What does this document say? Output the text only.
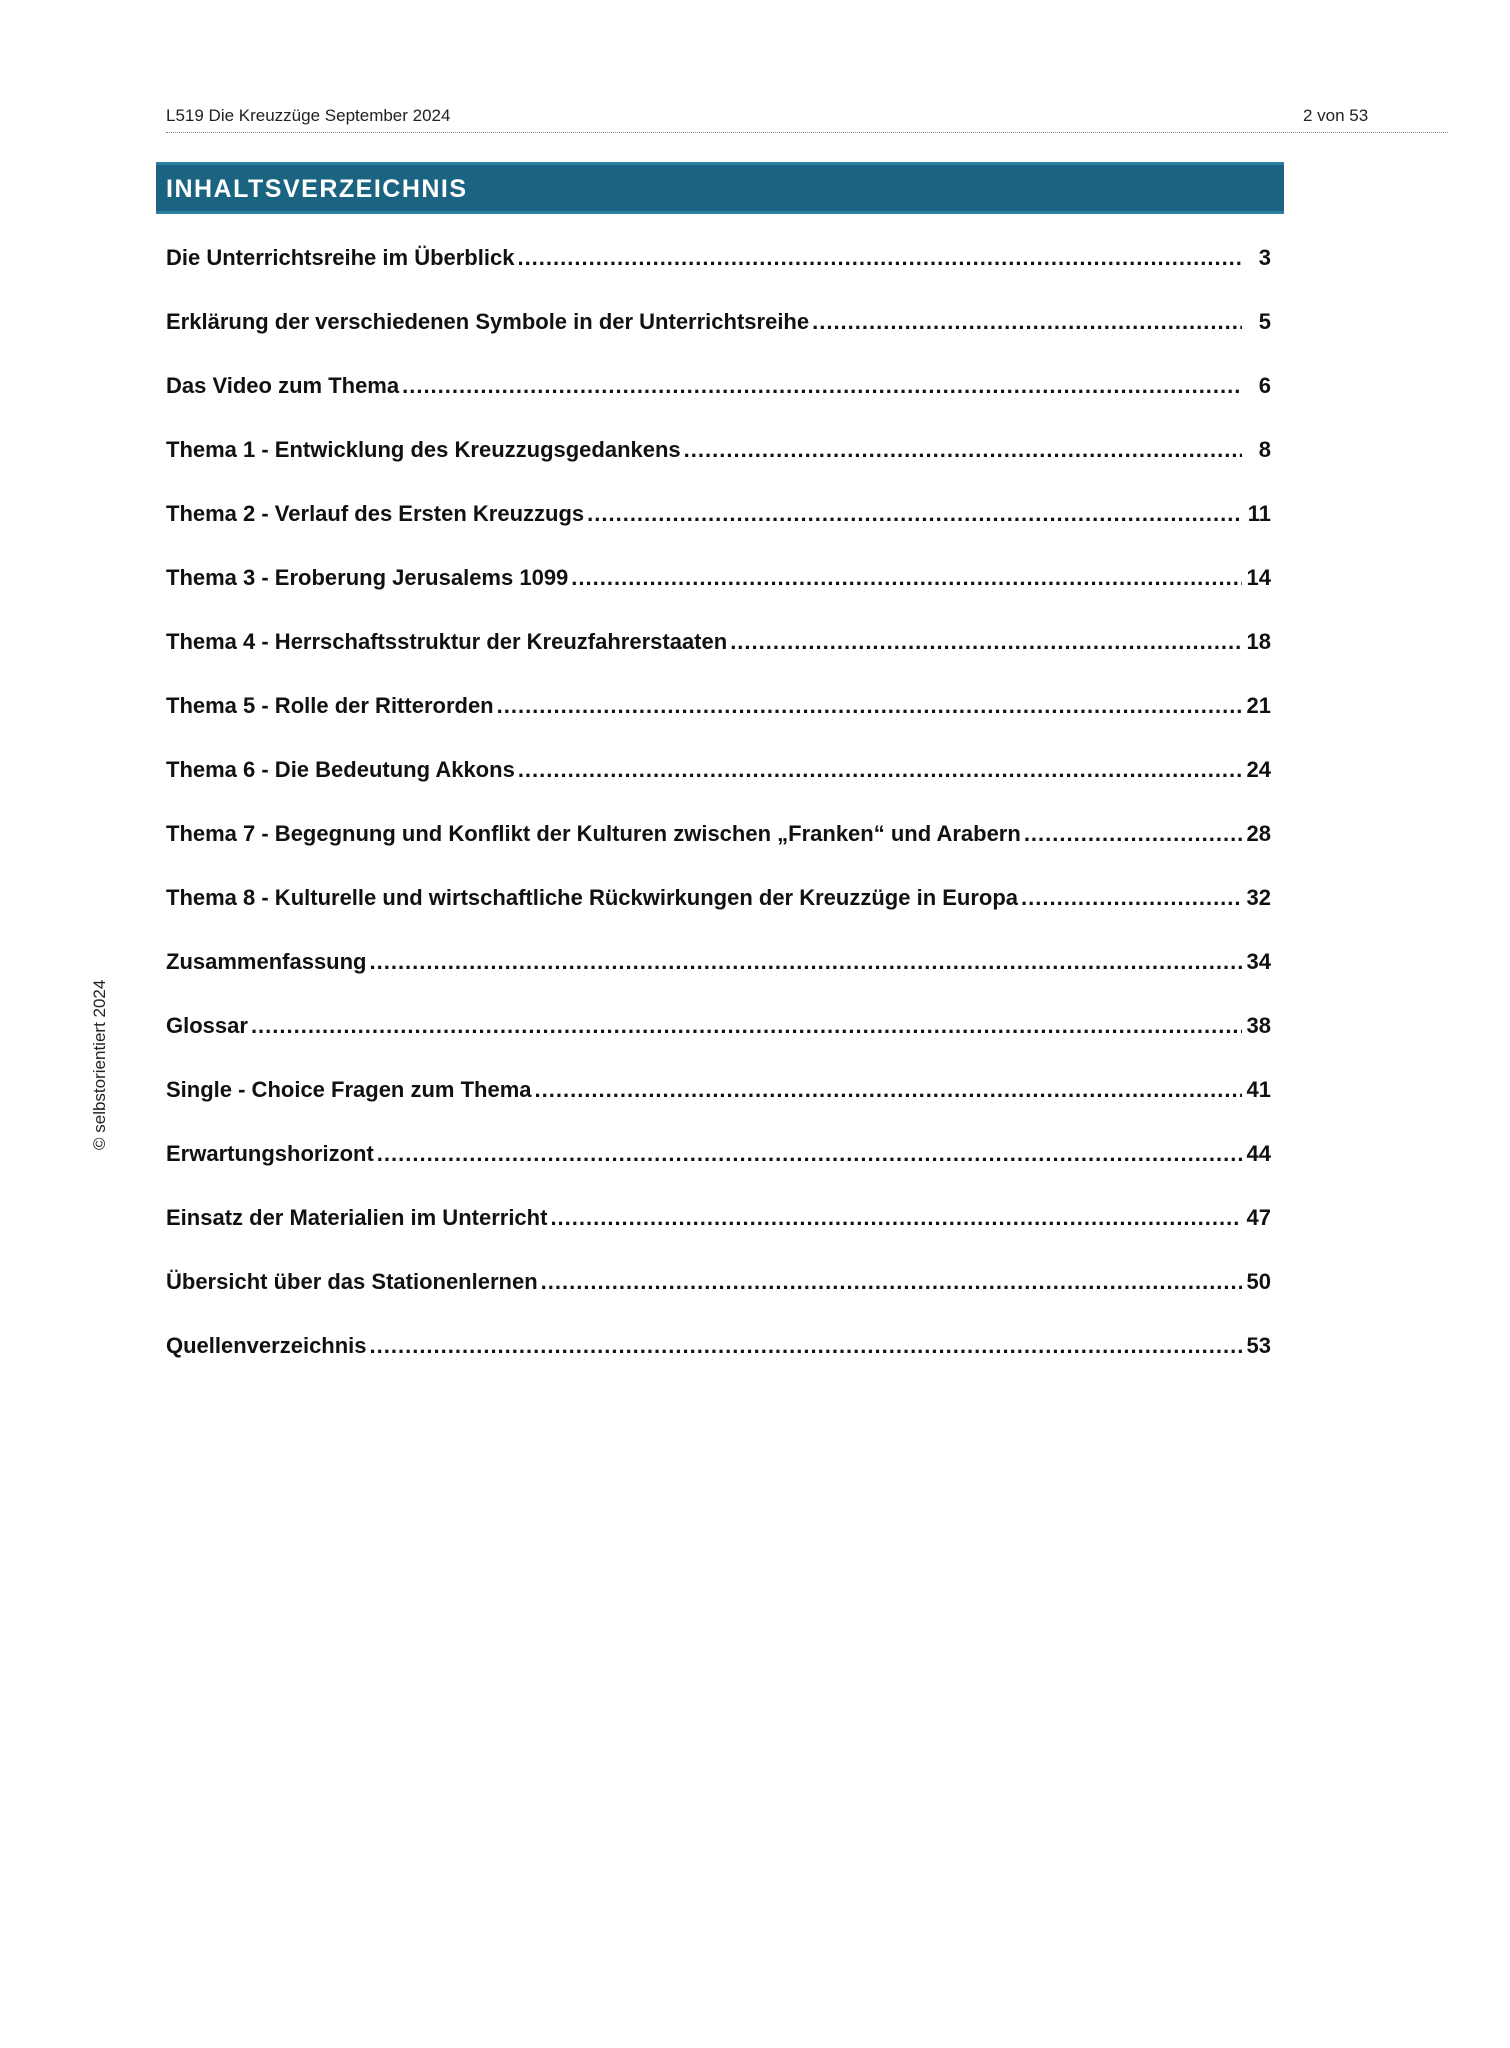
L519 Die Kreuzzüge September 2024	2 von 53
INHALTSVERZEICHNIS
Die Unterrichtsreihe im Überblick .....	3
Erklärung der verschiedenen Symbole in der Unterrichtsreihe .....	5
Das Video zum Thema .....	6
Thema 1 - Entwicklung des Kreuzzugsgedankens .....	8
Thema 2 - Verlauf des Ersten Kreuzzugs .....	11
Thema 3 - Eroberung Jerusalems 1099 .....	14
Thema 4 - Herrschaftsstruktur der Kreuzfahrerstaaten .....	18
Thema 5 - Rolle der Ritterorden .....	21
Thema 6 - Die Bedeutung Akkons .....	24
Thema 7 - Begegnung und Konflikt der Kulturen zwischen „Franken“ und Arabern .....	28
Thema 8 - Kulturelle und wirtschaftliche Rückwirkungen der Kreuzzüge in Europa .....	32
Zusammenfassung .....	34
Glossar .....	38
Single - Choice Fragen zum Thema .....	41
Erwartungshorizont .....	44
Einsatz der Materialien im Unterricht .....	47
Übersicht über das Stationenlernen .....	50
Quellenverzeichnis .....	53
© selbstorientiert 2024
